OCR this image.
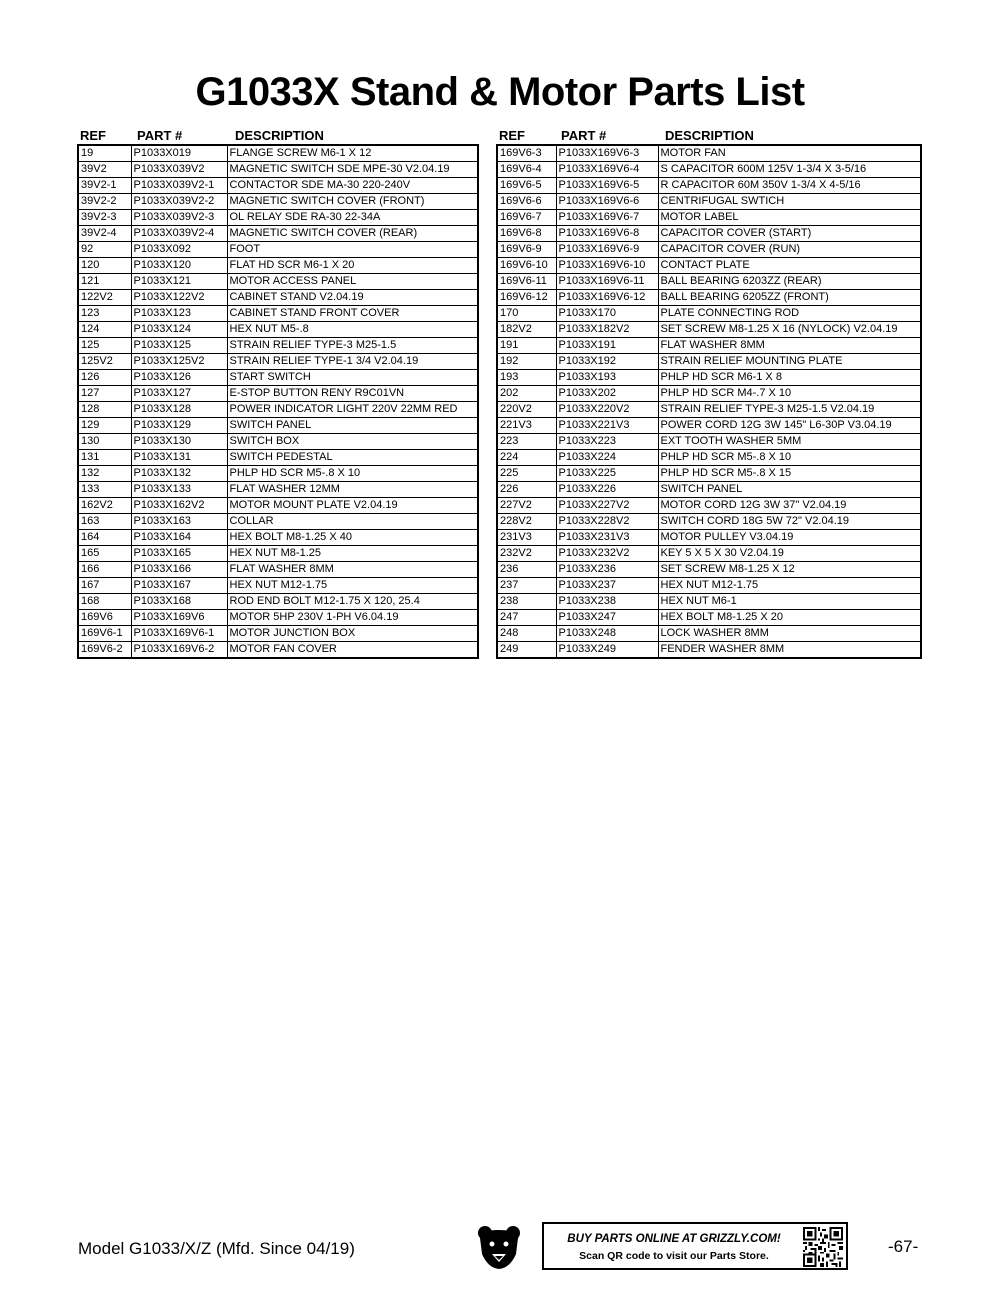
G1033X Stand & Motor Parts List
REF	PART #	DESCRIPTION
19	P1033X019	FLANGE SCREW M6-1 X 12
39V2	P1033X039V2	MAGNETIC SWITCH SDE MPE-30 V2.04.19
39V2-1	P1033X039V2-1	CONTACTOR SDE MA-30 220-240V
39V2-2	P1033X039V2-2	MAGNETIC SWITCH COVER (FRONT)
39V2-3	P1033X039V2-3	OL RELAY SDE RA-30 22-34A
39V2-4	P1033X039V2-4	MAGNETIC SWITCH COVER (REAR)
92	P1033X092	FOOT
120	P1033X120	FLAT HD SCR M6-1 X 20
121	P1033X121	MOTOR ACCESS PANEL
122V2	P1033X122V2	CABINET STAND V2.04.19
123	P1033X123	CABINET STAND FRONT COVER
124	P1033X124	HEX NUT M5-.8
125	P1033X125	STRAIN RELIEF TYPE-3 M25-1.5
125V2	P1033X125V2	STRAIN RELIEF TYPE-1 3/4 V2.04.19
126	P1033X126	START SWITCH
127	P1033X127	E-STOP BUTTON RENY R9C01VN
128	P1033X128	POWER INDICATOR LIGHT 220V 22MM RED
129	P1033X129	SWITCH PANEL
130	P1033X130	SWITCH BOX
131	P1033X131	SWITCH PEDESTAL
132	P1033X132	PHLP HD SCR M5-.8 X 10
133	P1033X133	FLAT WASHER 12MM
162V2	P1033X162V2	MOTOR MOUNT PLATE V2.04.19
163	P1033X163	COLLAR
164	P1033X164	HEX BOLT M8-1.25 X 40
165	P1033X165	HEX NUT M8-1.25
166	P1033X166	FLAT WASHER 8MM
167	P1033X167	HEX NUT M12-1.75
168	P1033X168	ROD END BOLT M12-1.75 X 120, 25.4
169V6	P1033X169V6	MOTOR 5HP 230V 1-PH V6.04.19
169V6-1	P1033X169V6-1	MOTOR JUNCTION BOX
169V6-2	P1033X169V6-2	MOTOR FAN COVER
REF	PART #	DESCRIPTION
169V6-3	P1033X169V6-3	MOTOR FAN
169V6-4	P1033X169V6-4	S CAPACITOR 600M 125V 1-3/4 X 3-5/16
169V6-5	P1033X169V6-5	R CAPACITOR 60M 350V 1-3/4 X 4-5/16
169V6-6	P1033X169V6-6	CENTRIFUGAL SWTICH
169V6-7	P1033X169V6-7	MOTOR LABEL
169V6-8	P1033X169V6-8	CAPACITOR COVER (START)
169V6-9	P1033X169V6-9	CAPACITOR COVER (RUN)
169V6-10	P1033X169V6-10	CONTACT PLATE
169V6-11	P1033X169V6-11	BALL BEARING 6203ZZ (REAR)
169V6-12	P1033X169V6-12	BALL BEARING 6205ZZ (FRONT)
170	P1033X170	PLATE CONNECTING ROD
182V2	P1033X182V2	SET SCREW M8-1.25 X 16 (NYLOCK) V2.04.19
191	P1033X191	FLAT WASHER 8MM
192	P1033X192	STRAIN RELIEF MOUNTING PLATE
193	P1033X193	PHLP HD SCR M6-1 X 8
202	P1033X202	PHLP HD SCR M4-.7 X 10
220V2	P1033X220V2	STRAIN RELIEF TYPE-3 M25-1.5 V2.04.19
221V3	P1033X221V3	POWER CORD 12G 3W 145" L6-30P V3.04.19
223	P1033X223	EXT TOOTH WASHER 5MM
224	P1033X224	PHLP HD SCR M5-.8 X 10
225	P1033X225	PHLP HD SCR M5-.8 X 15
226	P1033X226	SWITCH PANEL
227V2	P1033X227V2	MOTOR CORD 12G 3W 37" V2.04.19
228V2	P1033X228V2	SWITCH CORD 18G 5W 72" V2.04.19
231V3	P1033X231V3	MOTOR PULLEY V3.04.19
232V2	P1033X232V2	KEY 5 X 5 X 30 V2.04.19
236	P1033X236	SET SCREW M8-1.25 X 12
237	P1033X237	HEX NUT M12-1.75
238	P1033X238	HEX NUT M6-1
247	P1033X247	HEX BOLT M8-1.25 X 20
248	P1033X248	LOCK WASHER 8MM
249	P1033X249	FENDER WASHER 8MM
Model G1033/X/Z (Mfd. Since 04/19)	BUY PARTS ONLINE AT GRIZZLY.COM!
Scan QR code to visit our Parts Store.	-67-
